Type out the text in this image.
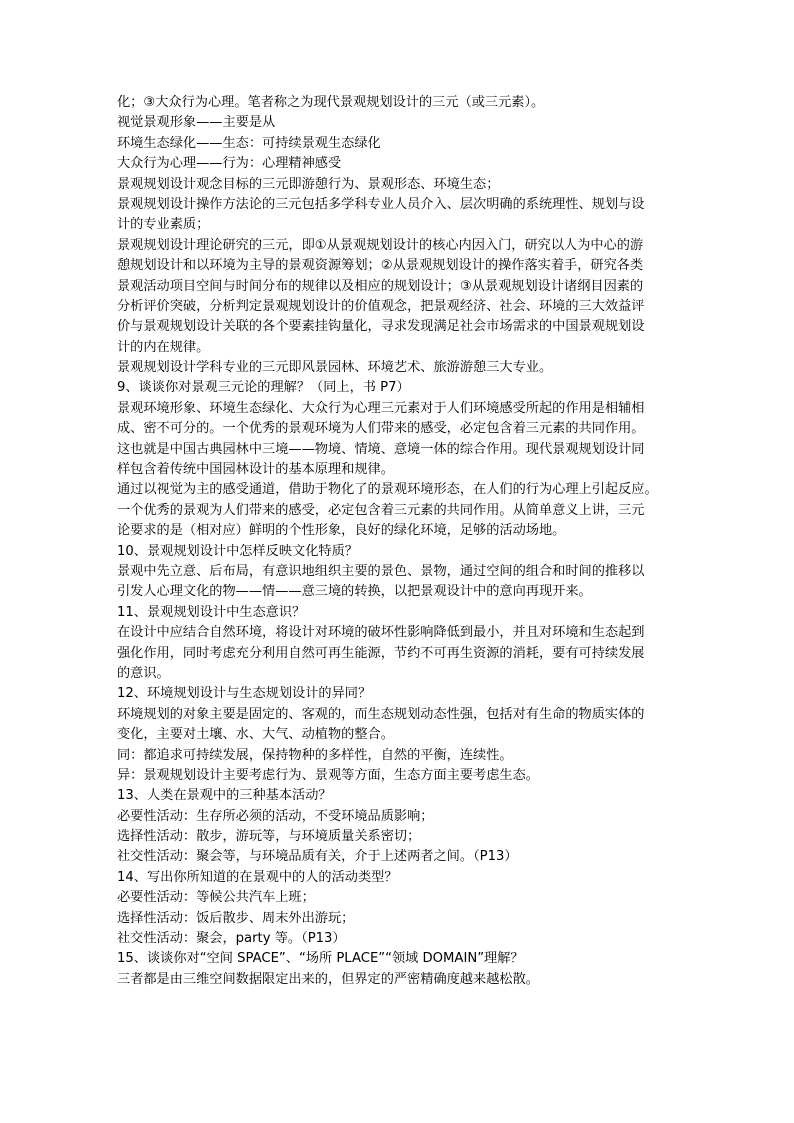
化；③大众行为心理。笔者称之为现代景观规划设计的三元（或三元素）。
视觉景观形象——主要是从
环境生态绿化——生态：可持续景观生态绿化
大众行为心理——行为：心理精神感受
景观规划设计观念目标的三元即游憩行为、景观形态、环境生态；
景观规划设计操作方法论的三元包括多学科专业人员介入、层次明确的系统理性、规划与设
计的专业素质；
景观规划设计理论研究的三元，即①从景观规划设计的核心内因入门，研究以人为中心的游
憩规划设计和以环境为主导的景观资源筹划；②从景观规划设计的操作落实着手，研究各类
景观活动项目空间与时间分布的规律以及相应的规划设计；③从景观规划设计诸纲目因素的
分析评价突破，分析判定景观规划设计的价值观念，把景观经济、社会、环境的三大效益评
价与景观规划设计关联的各个要素挂钩量化，寻求发现满足社会市场需求的中国景观规划设
计的内在规律。
景观规划设计学科专业的三元即风景园林、环境艺术、旅游游憩三大专业。
9、谈谈你对景观三元论的理解？（同上，书 P7）
景观环境形象、环境生态绿化、大众行为心理三元素对于人们环境感受所起的作用是相辅相
成、密不可分的。一个优秀的景观环境为人们带来的感受，必定包含着三元素的共同作用。
这也就是中国古典园林中三境——物境、情境、意境一体的综合作用。现代景观规划设计同
样包含着传统中国园林设计的基本原理和规律。
通过以视觉为主的感受通道，借助于物化了的景观环境形态，在人们的行为心理上引起反应。
一个优秀的景观为人们带来的感受，必定包含着三元素的共同作用。从简单意义上讲，三元
论要求的是（相对应）鲜明的个性形象，良好的绿化环境，足够的活动场地。
10、景观规划设计中怎样反映文化特质？
景观中先立意、后布局，有意识地组织主要的景色、景物，通过空间的组合和时间的推移以
引发人心理文化的物——情——意三境的转换，以把景观设计中的意向再现开来。
11、景观规划设计中生态意识？
在设计中应结合自然环境，将设计对环境的破坏性影响降低到最小，并且对环境和生态起到
强化作用，同时考虑充分利用自然可再生能源，节约不可再生资源的消耗，要有可持续发展
的意识。
12、环境规划设计与生态规划设计的异同？
环境规划的对象主要是固定的、客观的，而生态规划动态性强，包括对有生命的物质实体的
变化，主要对土壤、水、大气、动植物的整合。
同：都追求可持续发展，保持物种的多样性，自然的平衡，连续性。
异：景观规划设计主要考虑行为、景观等方面，生态方面主要考虑生态。
13、人类在景观中的三种基本活动？
必要性活动：生存所必须的活动，不受环境品质影响；
选择性活动：散步，游玩等，与环境质量关系密切；
社交性活动：聚会等，与环境品质有关，介于上述两者之间。（P13）
14、写出你所知道的在景观中的人的活动类型？
必要性活动：等候公共汽车上班；
选择性活动：饭后散步、周末外出游玩；
社交性活动：聚会，party 等。（P13）
15、谈谈你对“空间 SPACE”、“场所 PLACE”“领域 DOMAIN”理解？
三者都是由三维空间数据限定出来的，但界定的严密精确度越来越松散。
